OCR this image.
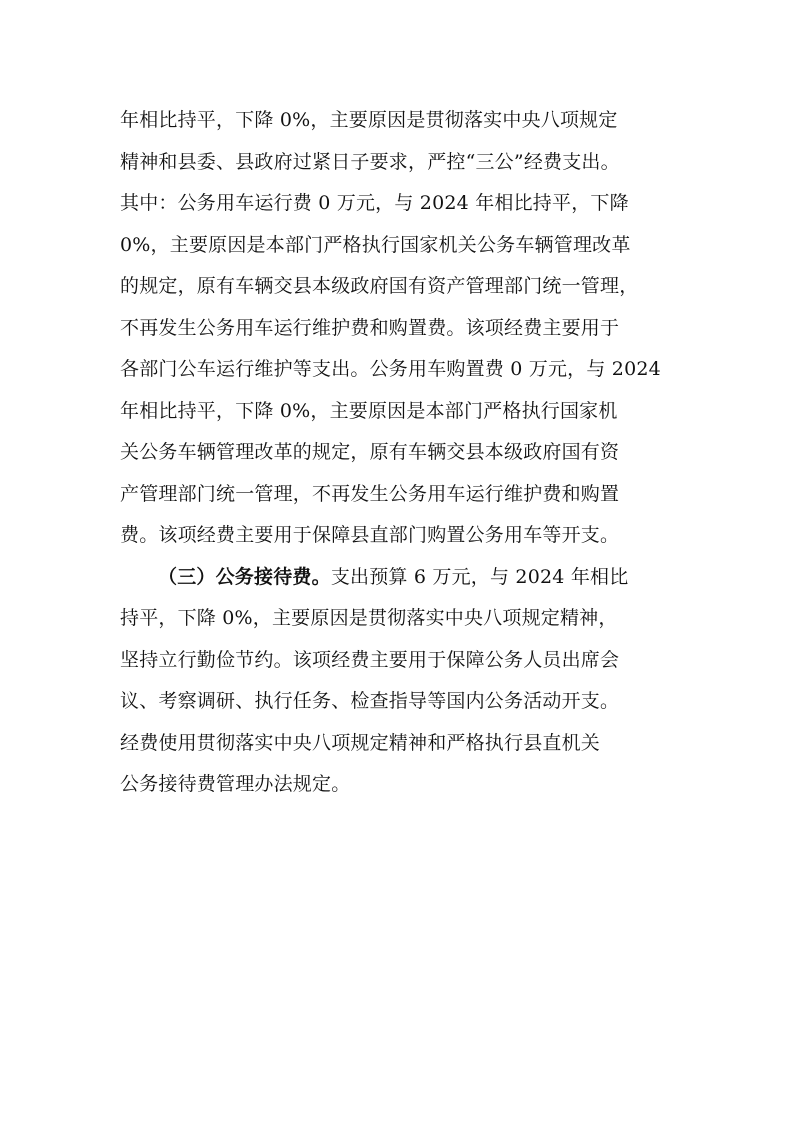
年相比持平，下降 0%，主要原因是贯彻落实中央八项规定
精神和县委、县政府过紧日子要求，严控“三公”经费支出。
其中：公务用车运行费 0 万元，与 2024 年相比持平，下降
0%，主要原因是本部门严格执行国家机关公务车辆管理改革
的规定，原有车辆交县本级政府国有资产管理部门统一管理，
不再发生公务用车运行维护费和购置费。该项经费主要用于
各部门公车运行维护等支出。公务用车购置费 0 万元，与 2024
年相比持平，下降 0%，主要原因是本部门严格执行国家机
关公务车辆管理改革的规定，原有车辆交县本级政府国有资
产管理部门统一管理，不再发生公务用车运行维护费和购置
费。该项经费主要用于保障县直部门购置公务用车等开支。
（三）公务接待费。支出预算 6 万元，与 2024 年相比
持平，下降 0%，主要原因是贯彻落实中央八项规定精神，
坚持立行勤俭节约。该项经费主要用于保障公务人员出席会
议、考察调研、执行任务、检查指导等国内公务活动开支。
经费使用贯彻落实中央八项规定精神和严格执行县直机关
公务接待费管理办法规定。
